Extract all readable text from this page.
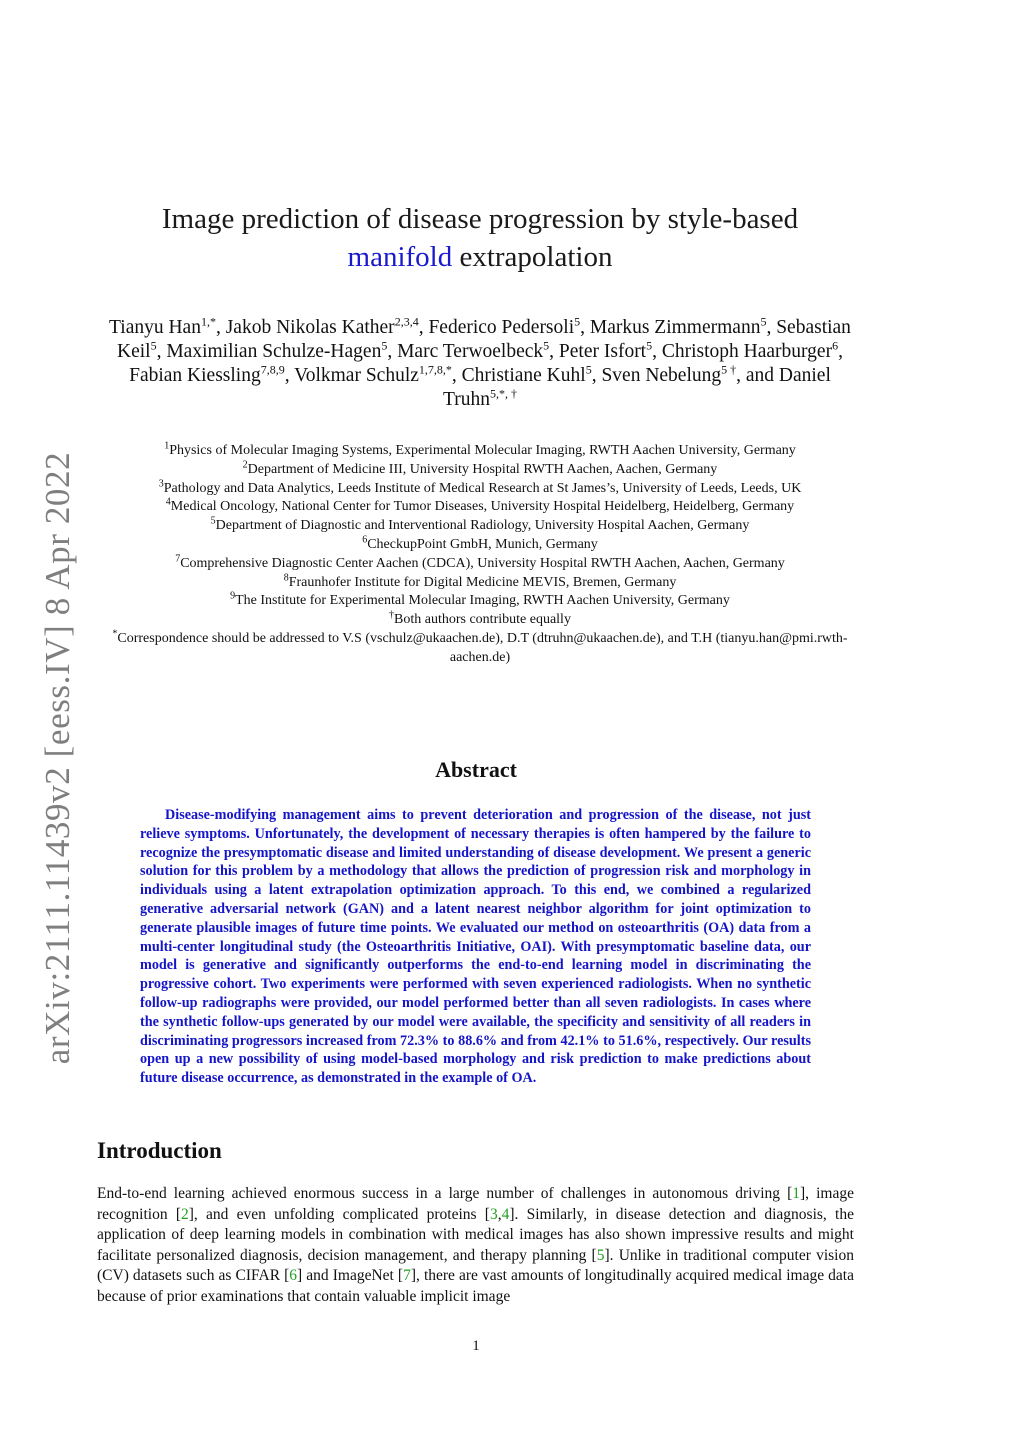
arXiv:2111.11439v2 [eess.IV] 8 Apr 2022
Image prediction of disease progression by style-based
manifold extrapolation
Tianyu Han$^{1,*}$, Jakob Nikolas Kather$^{2,3,4}$, Federico Pedersoli$^5$, Markus Zimmermann$^5$, Sebastian Keil$^5$, Maximilian Schulze-Hagen$^5$, Marc Terwoelbeck$^5$, Peter Isfort$^5$, Christoph Haarburger$^6$, Fabian Kiessling$^{7,8,9}$, Volkmar Schulz$^{1,7,8,*}$, Christiane Kuhl$^5$, Sven Nebelung$^{5 \dagger}$, and Daniel Truhn$^{5,*, \dagger}$
$^1$Physics of Molecular Imaging Systems, Experimental Molecular Imaging, RWTH Aachen University, Germany
$^2$Department of Medicine III, University Hospital RWTH Aachen, Aachen, Germany
$^3$Pathology and Data Analytics, Leeds Institute of Medical Research at St James’s, University of Leeds, Leeds, UK
$^4$Medical Oncology, National Center for Tumor Diseases, University Hospital Heidelberg, Heidelberg, Germany
$^5$Department of Diagnostic and Interventional Radiology, University Hospital Aachen, Germany
$^6$CheckupPoint GmbH, Munich, Germany
$^7$Comprehensive Diagnostic Center Aachen (CDCA), University Hospital RWTH Aachen, Aachen, Germany
$^8$Fraunhofer Institute for Digital Medicine MEVIS, Bremen, Germany
$^9$The Institute for Experimental Molecular Imaging, RWTH Aachen University, Germany
†Both authors contribute equally
*Correspondence should be addressed to V.S (vschulz@ukaachen.de), D.T (dtruhn@ukaachen.de), and T.H (tianyu.han@pmi.rwth-aachen.de)
Abstract

Disease-modifying management aims to prevent deterioration and progression of the disease, not just relieve symptoms. Unfortunately, the development of necessary therapies is often hampered by the failure to recognize the presymptomatic disease and limited understanding of disease development. We present a generic solution for this problem by a methodology that allows the prediction of progression risk and morphology in individuals using a latent extrapolation optimization approach. To this end, we combined a regularized generative adversarial network (GAN) and a latent nearest neighbor algorithm for joint optimization to generate plausible images of future time points. We evaluated our method on osteoarthritis (OA) data from a multi-center longitudinal study (the Osteoarthritis Initiative, OAI). With presymptomatic baseline data, our model is generative and significantly outperforms the end-to-end learning model in discriminating the progressive cohort. Two experiments were performed with seven experienced radiologists. When no synthetic follow-up radiographs were provided, our model performed better than all seven radiologists. In cases where the synthetic follow-ups generated by our model were available, the specificity and sensitivity of all readers in discriminating progressors increased from 72.3% to 88.6% and from 42.1% to 51.6%, respectively. Our results open up a new possibility of using model-based morphology and risk prediction to make predictions about future disease occurrence, as demonstrated in the example of OA.

Introduction

End-to-end learning achieved enormous success in a large number of challenges in autonomous driving [1], image recognition [2], and even unfolding complicated proteins [3,4]. Similarly, in disease detection and diagnosis, the application of deep learning models in combination with medical images has also shown impressive results and might facilitate personalized diagnosis, decision management, and therapy planning [5]. Unlike in traditional computer vision (CV) datasets such as CIFAR [6] and ImageNet [7], there are vast amounts of longitudinally acquired medical image data because of prior examinations that contain valuable implicit image

1
